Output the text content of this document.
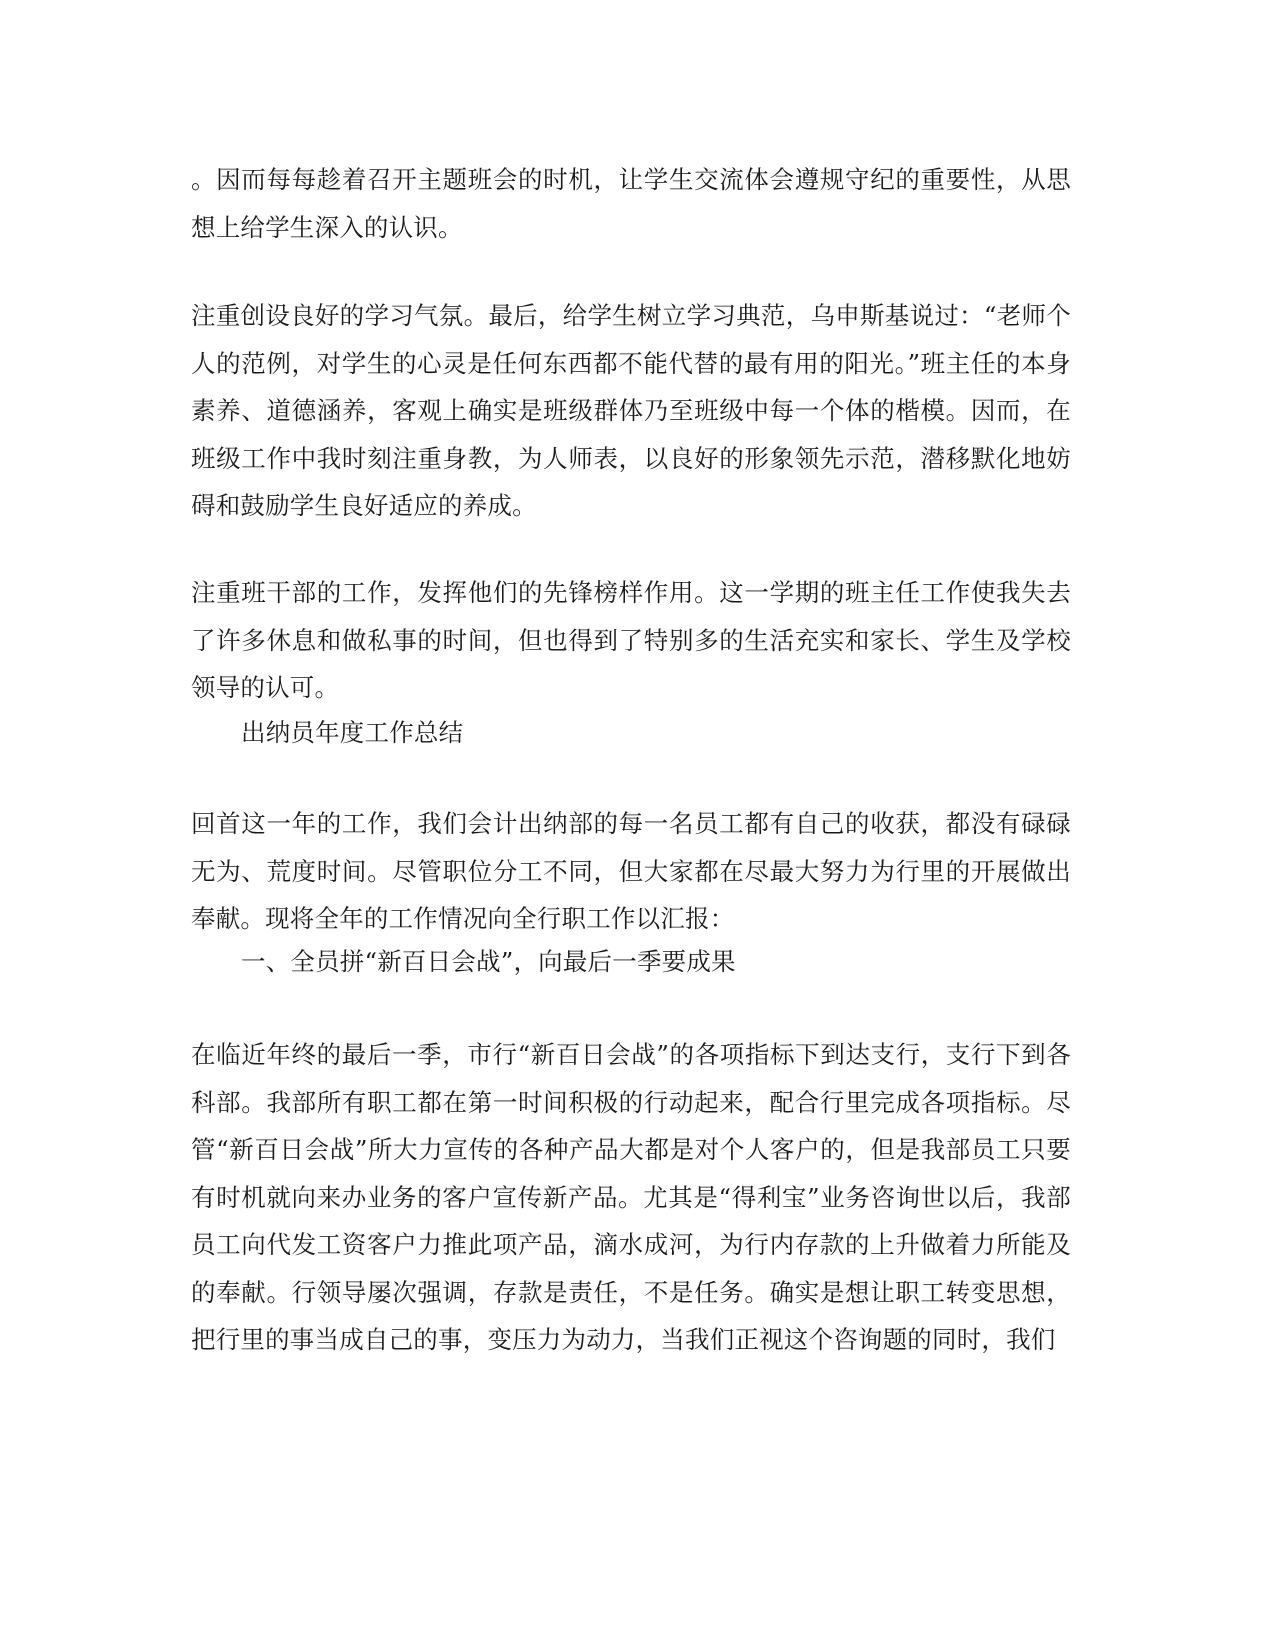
。因而每每趁着召开主题班会的时机，让学生交流体会遵规守纪的重要性，从思想上给学生深入的认识。

注重创设良好的学习气氛。最后，给学生树立学习典范，乌申斯基说过：“老师个人的范例，对学生的心灵是任何东西都不能代替的最有用的阳光。”班主任的本身素养、道德涵养，客观上确实是班级群体乃至班级中每一个体的楷模。因而，在班级工作中我时刻注重身教，为人师表，以良好的形象领先示范，潜移默化地妨碍和鼓励学生良好适应的养成。

注重班干部的工作，发挥他们的先锋榜样作用。这一学期的班主任工作使我失去了许多休息和做私事的时间，但也得到了特别多的生活充实和家长、学生及学校领导的认可。

出纳员年度工作总结

回首这一年的工作，我们会计出纳部的每一名员工都有自己的收获，都没有碌碌无为、荒度时间。尽管职位分工不同，但大家都在尽最大努力为行里的开展做出奉献。现将全年的工作情况向全行职工作以汇报：

一、全员拼“新百日会战”，向最后一季要成果

在临近年终的最后一季，市行“新百日会战”的各项指标下到达支行，支行下到各科部。我部所有职工都在第一时间积极的行动起来，配合行里完成各项指标。尽管“新百日会战”所大力宣传的各种产品大都是对个人客户的，但是我部员工只要有时机就向来办业务的客户宣传新产品。尤其是“得利宝”业务咨询世以后，我部员工向代发工资客户力推此项产品，滴水成河，为行内存款的上升做着力所能及的奉献。行领导屡次强调，存款是责任，不是任务。确实是想让职工转变思想，把行里的事当成自己的事，变压力为动力，当我们正视这个咨询题的同时，我们
